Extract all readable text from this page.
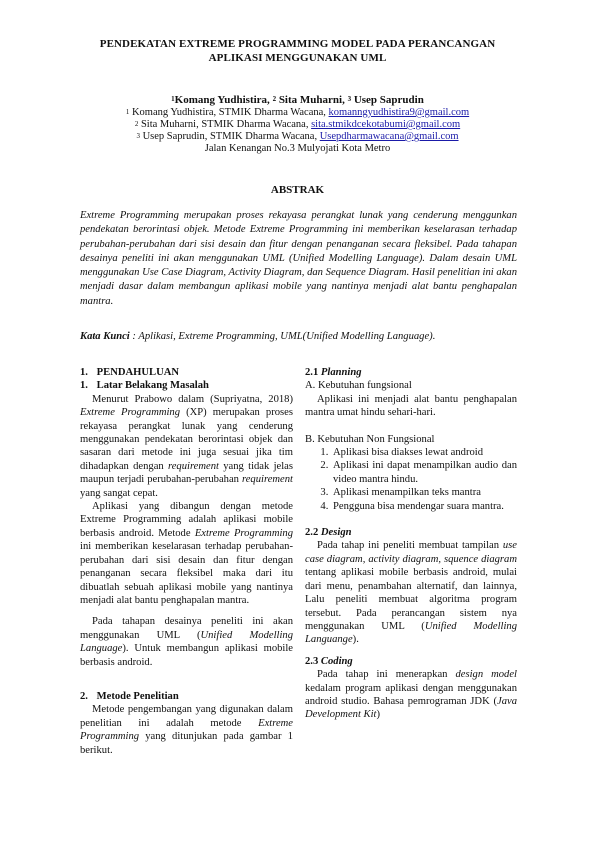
PENDEKATAN EXTREME PROGRAMMING MODEL PADA PERANCANGAN
APLIKASI MENGGUNAKAN UML
$^1$Komang Yudhistira, $^2$ Sita Muharni, $^3$ Usep Saprudin
$^1$ Komang Yudhistira, STMIK Dharma Wacana, komanngyudhistira9@gmail.com
$^2$ Sita Muharni, STMIK Dharma Wacana, sita.stmikdcekotabumi@gmail.com
$^3$ Usep Saprudin, STMIK Dharma Wacana, Usepdharmawacana@gmail.com
Jalan Kenangan No.3 Mulyojati Kota Metro
ABSTRAK
Extreme Programming merupakan proses rekayasa perangkat lunak yang cenderung menggunkan pendekatan berorintasi objek. Metode Extreme Programming ini memberikan keselarasan terhadap perubahan-perubahan dari sisi desain dan fitur dengan penanganan secara fleksibel. Pada tahapan desainya peneliti ini akan menggunakan UML (Unified Modelling Language). Dalam desain UML menggunakan Use Case Diagram, Activity Diagram, dan Sequence Diagram. Hasil penelitian ini akan menjadi dasar dalam membangun aplikasi mobile yang nantinya menjadi alat bantu penghapalan mantra.
Kata Kunci : Aplikasi, Extreme Programming, UML(Unified Modelling Language).

1. PENDAHULUAN

1. Latar Belakang Masalah

Menurut Prabowo dalam (Supriyatna, 2018) Extreme Programming (XP) merupakan proses rekayasa perangkat lunak yang cenderung menggunakan pendekatan berorintasi objek dan sasaran dari metode ini juga sesuai jika tim dihadapkan dengan requirement yang tidak jelas maupun terjadi perubahan-perubahan requirement yang sangat cepat.

Aplikasi yang dibangun dengan metode Extreme Programming adalah aplikasi mobile berbasis android. Metode Extreme Programming ini memberikan keselarasan terhadap perubahan-perubahan dari sisi desain dan fitur dengan penanganan secara fleksibel maka dari itu dibuatlah sebuah aplikasi mobile yang nantinya menjadi alat bantu penghapalan mantra.

Pada tahapan desainya peneliti ini akan menggunakan UML (Unified Modelling Language). Untuk membangun aplikasi mobile berbasis android.

2. Metode Penelitian

Metode pengembangan yang digunakan dalam penelitian ini adalah metode Extreme Programming yang ditunjukan pada gambar 1 berikut.

2.1 Planning

A. Kebutuhan fungsional

Aplikasi ini menjadi alat bantu penghapalan mantra umat hindu sehari-hari.

B. Kebutuhan Non Fungsional

1. Aplikasi bisa diakses lewat android
2. Aplikasi ini dapat menampilkan audio dan video mantra hindu.
3. Aplikasi menampilkan teks mantra
4. Pengguna bisa mendengar suara mantra.

2.2 Design

Pada tahap ini peneliti membuat tampilan use case diagram, activity diagram, squence diagram tentang aplikasi mobile berbasis android, mulai dari menu, penambahan alternatif, dan lainnya, Lalu peneliti membuat algoritma program tersebut. Pada perancangan sistem nya menggunakan UML (Unified Modelling Languange).

2.3 Coding

Pada tahap ini menerapkan design model kedalam program aplikasi dengan menggunakan android studio. Bahasa pemrograman JDK (Java Development Kit)
